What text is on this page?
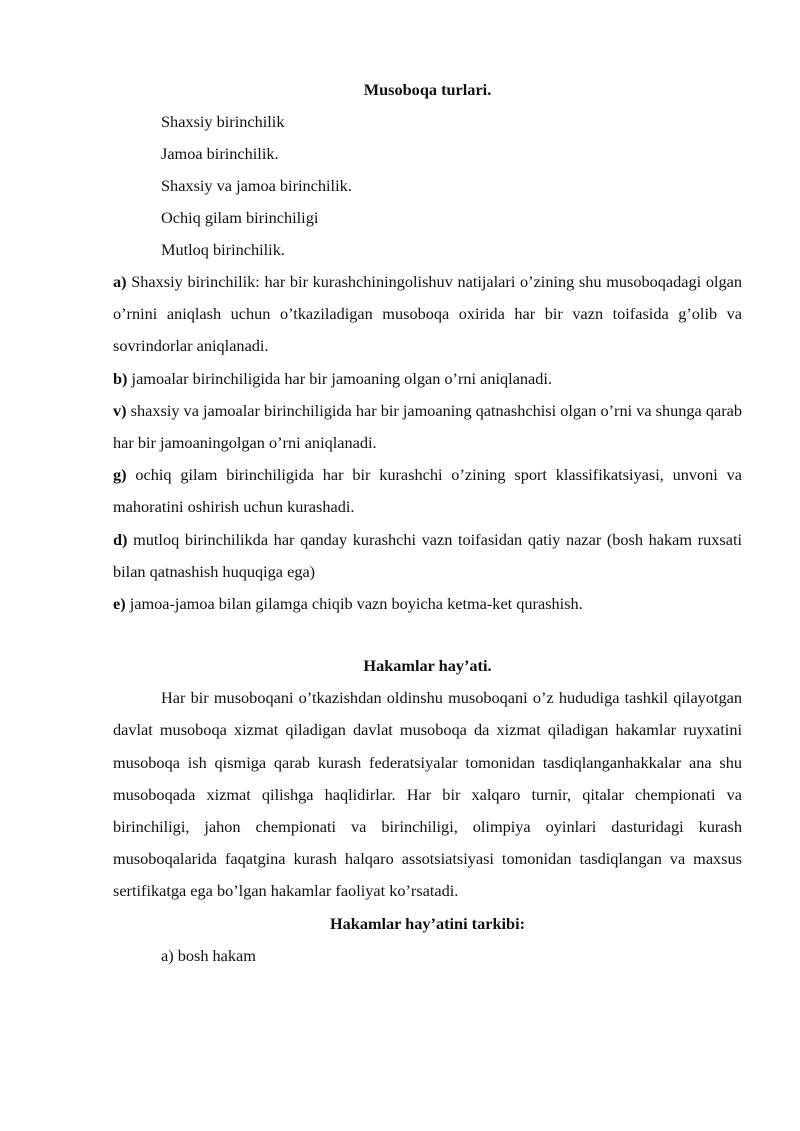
Musoboqa turlari.

Shaxsiy birinchilik

Jamoa birinchilik.

Shaxsiy va jamoa birinchilik.

Ochiq gilam birinchiligi

Mutloq birinchilik.

a) Shaxsiy birinchilik: har bir kurashchiningolishuv natijalari o’zining shu musoboqadagi olgan o’rnini aniqlash uchun o’tkaziladigan musoboqa oxirida har bir vazn toifasida g’olib va sovrindorlar aniqlanadi.

b) jamoalar birinchiligida har bir jamoaning olgan o’rni aniqlanadi.

v) shaxsiy va jamoalar birinchiligida har bir jamoaning qatnashchisi olgan o’rni va shunga qarab har bir jamoaningolgan o’rni aniqlanadi.

g) ochiq gilam birinchiligida har bir kurashchi o’zining sport klassifikatsiyasi, unvoni va mahoratini oshirish uchun kurashadi.

d) mutloq birinchilikda har qanday kurashchi vazn toifasidan qatiy nazar (bosh hakam ruxsati bilan qatnashish huquqiga ega)

e) jamoa-jamoa bilan gilamga chiqib vazn boyicha ketma-ket qurashish.

Hakamlar hay’ati.

Har bir musoboqani o’tkazishdan oldinshu musoboqani o’z hududiga tashkil qilayotgan davlat musoboqa xizmat qiladigan davlat musoboqa da xizmat qiladigan hakamlar ruyxatini musoboqa ish qismiga qarab kurash federatsiyalar tomonidan tasdiqlanganhakkalar ana shu musoboqada xizmat qilishga haqlidirlar. Har bir xalqaro turnir, qitalar chempionati va birinchiligi, jahon chempionati va birinchiligi, olimpiya oyinlari dasturidagi kurash musoboqalarida faqatgina kurash halqaro assotsiatsiyasi tomonidan tasdiqlangan va maxsus sertifikatga ega bo’lgan hakamlar faoliyat ko’rsatadi.

Hakamlar hay’atini tarkibi:

a) bosh hakam
